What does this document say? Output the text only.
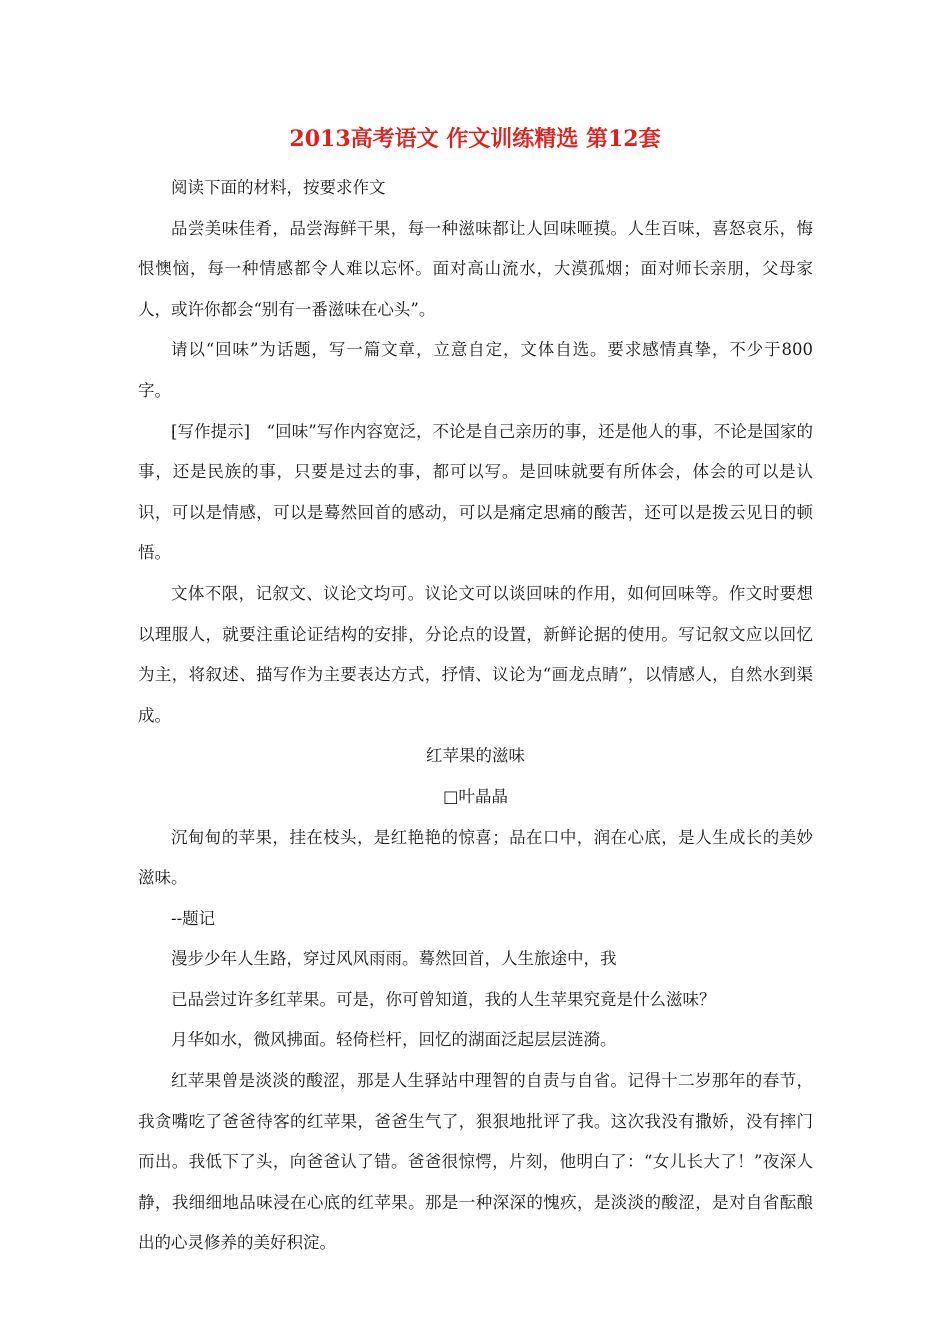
2013高考语文 作文训练精选 第12套

阅读下面的材料，按要求作文

品尝美味佳肴，品尝海鲜干果，每一种滋味都让人回味咂摸。人生百味，喜怒哀乐，悔恨懊恼，每一种情感都令人难以忘怀。面对高山流水，大漠孤烟；面对师长亲朋，父母家人，或许你都会“别有一番滋味在心头”。

请以“回味”为话题，写一篇文章，立意自定，文体自选。要求感情真挚，不少于800字。

[写作提示]　“回味”写作内容宽泛，不论是自己亲历的事，还是他人的事，不论是国家的事，还是民族的事，只要是过去的事，都可以写。是回味就要有所体会，体会的可以是认识，可以是情感，可以是蓦然回首的感动，可以是痛定思痛的酸苦，还可以是拨云见日的顿悟。

文体不限，记叙文、议论文均可。议论文可以谈回味的作用，如何回味等。作文时要想以理服人，就要注重论证结构的安排，分论点的设置，新鲜论据的使用。写记叙文应以回忆为主，将叙述、描写作为主要表达方式，抒情、议论为“画龙点睛”，以情感人，自然水到渠成。

红苹果的滋味

□叶晶晶

沉甸甸的苹果，挂在枝头，是红艳艳的惊喜；品在口中，润在心底，是人生成长的美妙滋味。

--题记

漫步少年人生路，穿过风风雨雨。蓦然回首，人生旅途中，我

已品尝过许多红苹果。可是，你可曾知道，我的人生苹果究竟是什么滋味？

月华如水，微风拂面。轻倚栏杆，回忆的湖面泛起层层涟漪。

红苹果曾是淡淡的酸涩，那是人生驿站中理智的自责与自省。记得十二岁那年的春节，我贪嘴吃了爸爸待客的红苹果，爸爸生气了，狠狠地批评了我。这次我没有撒娇，没有摔门而出。我低下了头，向爸爸认了错。爸爸很惊愕，片刻，他明白了：“女儿长大了！”夜深人静，我细细地品味浸在心底的红苹果。那是一种深深的愧疚，是淡淡的酸涩，是对自省酝酿出的心灵修养的美好积淀。
